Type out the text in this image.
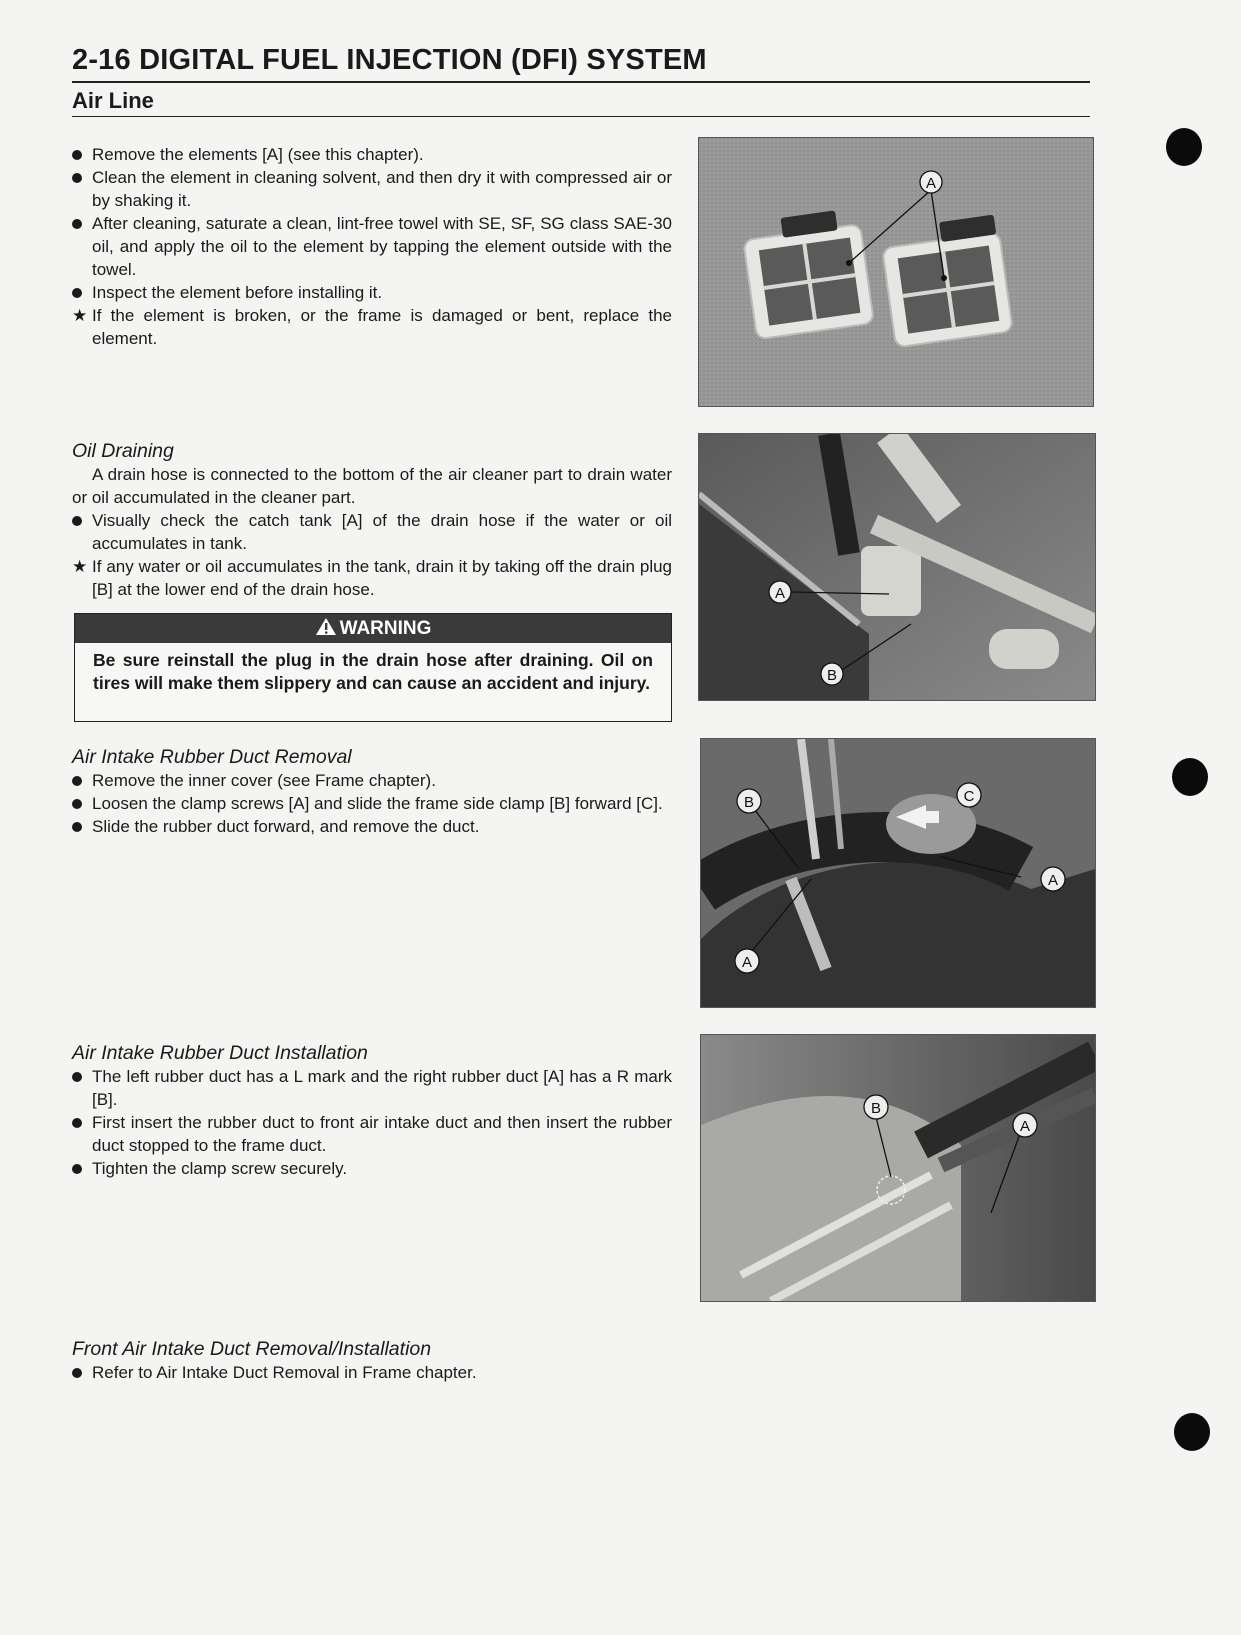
2-16 DIGITAL FUEL INJECTION (DFI) SYSTEM
Air Line
Remove the elements [A] (see this chapter).
Clean the element in cleaning solvent, and then dry it with compressed air or by shaking it.
After cleaning, saturate a clean, lint-free towel with SE, SF, SG class SAE-30 oil, and apply the oil to the element by tapping the element outside with the towel.
Inspect the element before installing it.
★ If the element is broken, or the frame is damaged or bent, replace the element.
Oil Draining
A drain hose is connected to the bottom of the air cleaner part to drain water or oil accumulated in the cleaner part.
Visually check the catch tank [A] of the drain hose if the water or oil accumulates in tank.
★ If any water or oil accumulates in the tank, drain it by taking off the drain plug [B] at the lower end of the drain hose.
WARNING
Be sure reinstall the plug in the drain hose after draining. Oil on tires will make them slippery and can cause an accident and injury.
Air Intake Rubber Duct Removal
Remove the inner cover (see Frame chapter).
Loosen the clamp screws [A] and slide the frame side clamp [B] forward [C].
Slide the rubber duct forward, and remove the duct.
Air Intake Rubber Duct Installation
The left rubber duct has a L mark and the right rubber duct [A] has a R mark [B].
First insert the rubber duct to front air intake duct and then insert the rubber duct stopped to the frame duct.
Tighten the clamp screw securely.
Front Air Intake Duct Removal/Installation
Refer to Air Intake Duct Removal in Frame chapter.
A
A
B
B	C
A
A
B
A
